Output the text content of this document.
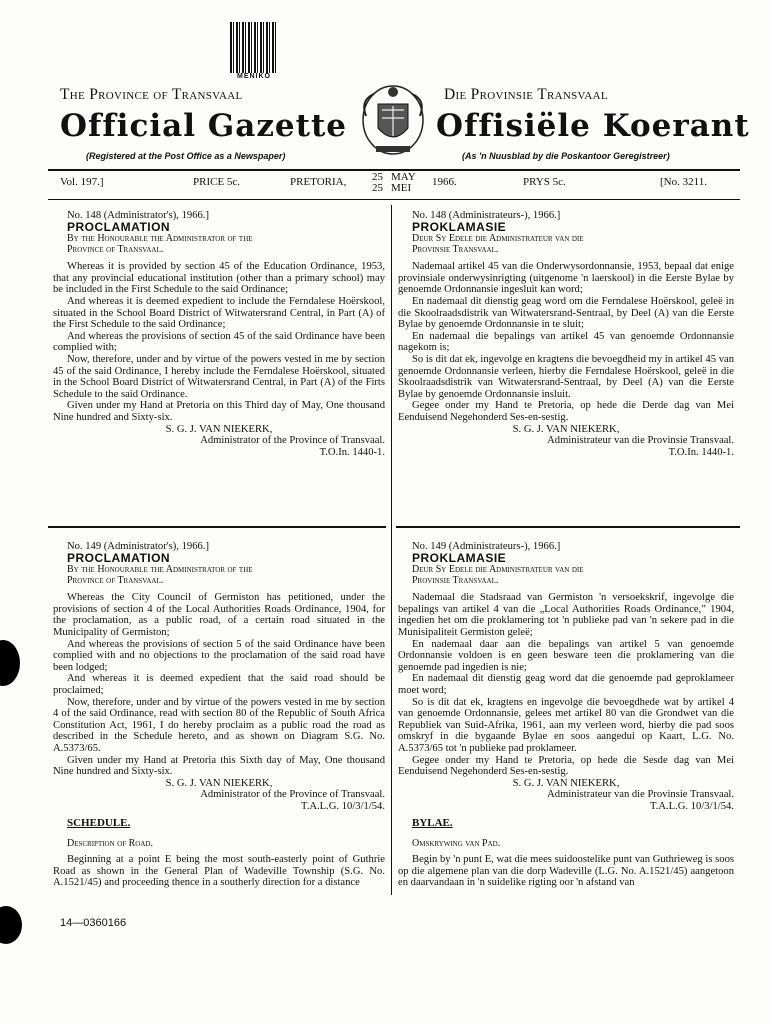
MENIKO
The Province of Transvaal	Die Provinsie Transvaal
Official Gazette	Offisiële Koerant
(Registered at the Post Office as a Newspaper)	(As 'n Nuusblad by die Poskantoor Geregistreer)
Vol. 197.]	PRICE 5c.	PRETORIA, 25
25
MAY
MEI 1966.	PRYS 5c.	[No. 3211.

No. 148 (Administrator's), 1966.]

PROCLAMATION

By the Honourable the Administrator of the

Province of Transvaal.

Whereas it is provided by section 45 of the Education Ordinance, 1953, that any provincial educational institution (other than a primary school) may be included in the First Schedule to the said Ordinance;

And whereas it is deemed expedient to include the Ferndalese Hoërskool, situated in the School Board District of Witwatersrand Central, in Part (A) of the First Schedule to the said Ordinance;

And whereas the provisions of section 45 of the said Ordinance have been complied with;

Now, therefore, under and by virtue of the powers vested in me by section 45 of the said Ordinance, I hereby include the Ferndalese Hoërskool, situated in the School Board District of Witwatersrand Central, in Part (A) of the Firts Schedule to the said Ordinance.

Given under my Hand at Pretoria on this Third day of May, One thousand Nine hundred and Sixty-six.

S. G. J. VAN NIEKERK,

Administrator of the Province of Transvaal.

T.O.In. 1440-1.

No. 148 (Administrateurs-), 1966.]

PROKLAMASIE

Deur Sy Edele die Administrateur van die

Provinsie Transvaal.

Nademaal artikel 45 van die Onderwysordonnansie, 1953, bepaal dat enige provinsiale onderwysinrigting (uitgenome 'n laerskool) in die Eerste Bylae by genoemde Ordonnansie ingesluit kan word;

En nademaal dit dienstig geag word om die Ferndalese Hoërskool, geleë in die Skoolraadsdistrik van Witwatersrand-Sentraal, by Deel (A) van die Eerste Bylae by genoemde Ordonnansie in te sluit;

En nademaal die bepalings van artikel 45 van genoemde Ordonnansie nagekom is;

So is dit dat ek, ingevolge en kragtens die bevoegdheid my in artikel 45 van genoemde Ordonnansie verleen, hierby die Ferndalese Hoërskool, geleë in die Skoolraadsdistrik van Witwatersrand-Sentraal, by Deel (A) van die Eerste Bylae by genoemde Ordonnansie insluit.

Gegee onder my Hand te Pretoria, op hede die Derde dag van Mei Eenduisend Negehonderd Ses-en-sestig.

S. G. J. VAN NIEKERK,

Administrateur van die Provinsie Transvaal.

T.O.In. 1440-1.

No. 149 (Administrator's), 1966.]

PROCLAMATION

By the Honourable the Administrator of the

Province of Transvaal.

Whereas the City Council of Germiston has petitioned, under the provisions of section 4 of the Local Authorities Roads Ordinance, 1904, for the proclamation, as a public road, of a certain road situated in the Municipality of Germiston;

And whereas the provisions of section 5 of the said Ordinance have been complied with and no objections to the proclamation of the said road have been lodged;

And whereas it is deemed expedient that the said road should be proclaimed;

Now, therefore, under and by virtue of the powers vested in me by section 4 of the said Ordinance, read with section 80 of the Republic of South Africa Constitution Act, 1961, I do hereby proclaim as a public road the road as described in the Schedule hereto, and as shown on Diagram S.G. No. A.5373/65.

Given under my Hand at Pretoria this Sixth day of May, One thousand Nine hundred and Sixty-six.

S. G. J. VAN NIEKERK,

Administrator of the Province of Transvaal.

T.A.L.G. 10/3/1/54.

SCHEDULE.

Description of Road.

Beginning at a point E being the most south-easterly point of Guthrie Road as shown in the General Plan of Wadeville Township (S.G. No. A.1521/45) and proceeding thence in a southerly direction for a distance

No. 149 (Administrateurs-), 1966.]

PROKLAMASIE

Deur Sy Edele die Administrateur van die

Provinsie Transvaal.

Nademaal die Stadsraad van Germiston 'n versoekskrif, ingevolge die bepalings van artikel 4 van die „Local Authorities Roads Ordinance,” 1904, ingedien het om die proklamering tot 'n publieke pad van 'n sekere pad in die Munisipaliteit Germiston geleë;

En nademaal daar aan die bepalings van artikel 5 van genoemde Ordonnansie voldoen is en geen besware teen die proklamering van die genoemde pad ingedien is nie;

En nademaal dit dienstig geag word dat die genoemde pad geproklameer moet word;

So is dit dat ek, kragtens en ingevolge die bevoegdhede wat by artikel 4 van genoemde Ordonnansie, gelees met artikel 80 van die Grondwet van die Republiek van Suid-Afrika, 1961, aan my verleen word, hierby die pad soos omskryf in die bygaande Bylae en soos aangedui op Kaart, L.G. No. A.5373/65 tot 'n publieke pad proklameer.

Gegee onder my Hand te Pretoria, op hede die Sesde dag van Mei Eenduisend Negehonderd Ses-en-sestig.

S. G. J. VAN NIEKERK,

Administrateur van die Provinsie Transvaal.

T.A.L.G. 10/3/1/54.

BYLAE.

Omskrywing van Pad.

Begin by 'n punt E, wat die mees suidoostelike punt van Guthrieweg is soos op die algemene plan van die dorp Wadeville (L.G. No. A.1521/45) aangetoon en daarvandaan in 'n suidelike rigting oor 'n afstand van

14—0360166
